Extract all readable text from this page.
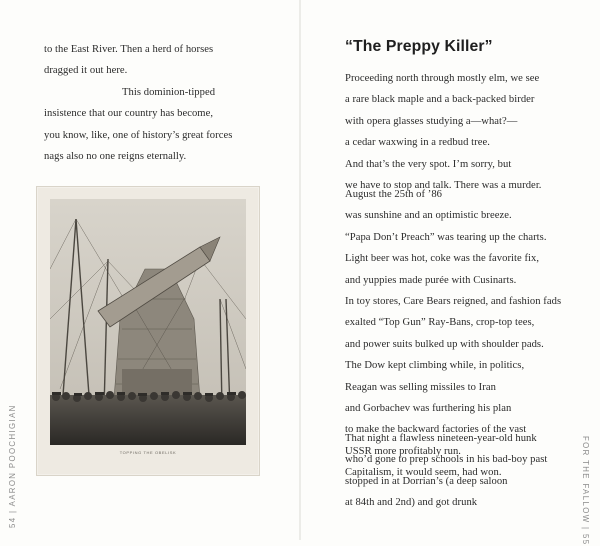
to the East River. Then a herd of horses
dragged it out here.
This dominion-tipped
insistence that our country has become,
you know, like, one of history’s great forces
nags also no one reigns eternally.
TOPPING THE OBELISK
54 | AARON POOCHIGIAN
“The Preppy Killer”
Proceeding north through mostly elm, we see
a rare black maple and a back-packed birder
with opera glasses studying a—what?—
a cedar waxwing in a redbud tree.
And that’s the very spot. I’m sorry, but
we have to stop and talk. There was a murder.
August the 25th of ’86
was sunshine and an optimistic breeze.
“Papa Don’t Preach” was tearing up the charts.
Light beer was hot, coke was the favorite fix,
and yuppies made purée with Cusinarts.
In toy stores, Care Bears reigned, and fashion fads
exalted “Top Gun” Ray-Bans, crop-top tees,
and power suits bulked up with shoulder pads.
The Dow kept climbing while, in politics,
Reagan was selling missiles to Iran
and Gorbachev was furthering his plan
to make the backward factories of the vast
USSR more profitably run.
Capitalism, it would seem, had won.
That night a flawless nineteen-year-old hunk
who’d gone to prep schools in his bad-boy past
stopped in at Dorrian’s (a deep saloon
at 84th and 2nd) and got drunk	FOR THE FALLOW | 55
